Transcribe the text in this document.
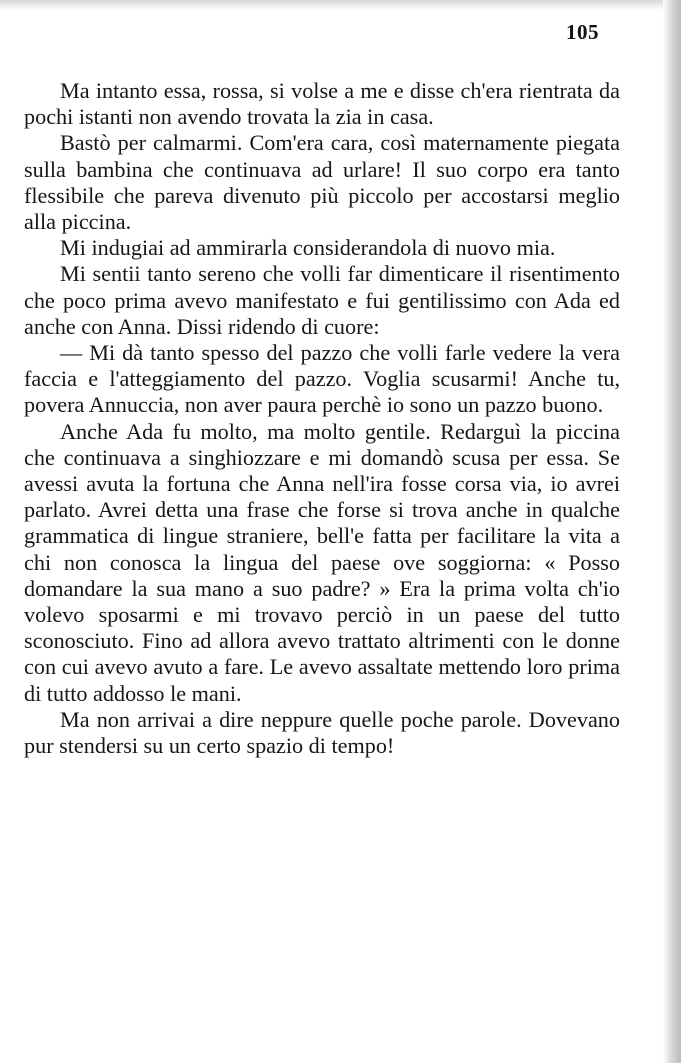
105

Ma intanto essa, rossa, si volse a me e disse ch'era rientrata da pochi istanti non avendo trovata la zia in casa.

Bastò per calmarmi. Com'era cara, così maternamente piegata sulla bambina che continuava ad urlare! Il suo corpo era tanto flessibile che pareva divenuto più piccolo per accostarsi meglio alla piccina.

Mi indugiai ad ammirarla considerandola di nuovo mia.

Mi sentii tanto sereno che volli far dimenticare il risentimento che poco prima avevo manifestato e fui gentilissimo con Ada ed anche con Anna. Dissi ridendo di cuore:

— Mi dà tanto spesso del pazzo che volli farle vedere la vera faccia e l'atteggiamento del pazzo. Voglia scusarmi! Anche tu, povera Annuccia, non aver paura perchè io sono un pazzo buono.

Anche Ada fu molto, ma molto gentile. Redarguì la piccina che continuava a singhiozzare e mi domandò scusa per essa. Se avessi avuta la fortuna che Anna nell'ira fosse corsa via, io avrei parlato. Avrei detta una frase che forse si trova anche in qualche grammatica di lingue straniere, bell'e fatta per facilitare la vita a chi non conosca la lingua del paese ove soggiorna: « Posso domandare la sua mano a suo padre? » Era la prima volta ch'io volevo sposarmi e mi trovavo perciò in un paese del tutto sconosciuto. Fino ad allora avevo trattato altrimenti con le donne con cui avevo avuto a fare. Le avevo assaltate mettendo loro prima di tutto addosso le mani.

Ma non arrivai a dire neppure quelle poche parole. Dovevano pur stendersi su un certo spazio di tempo!
